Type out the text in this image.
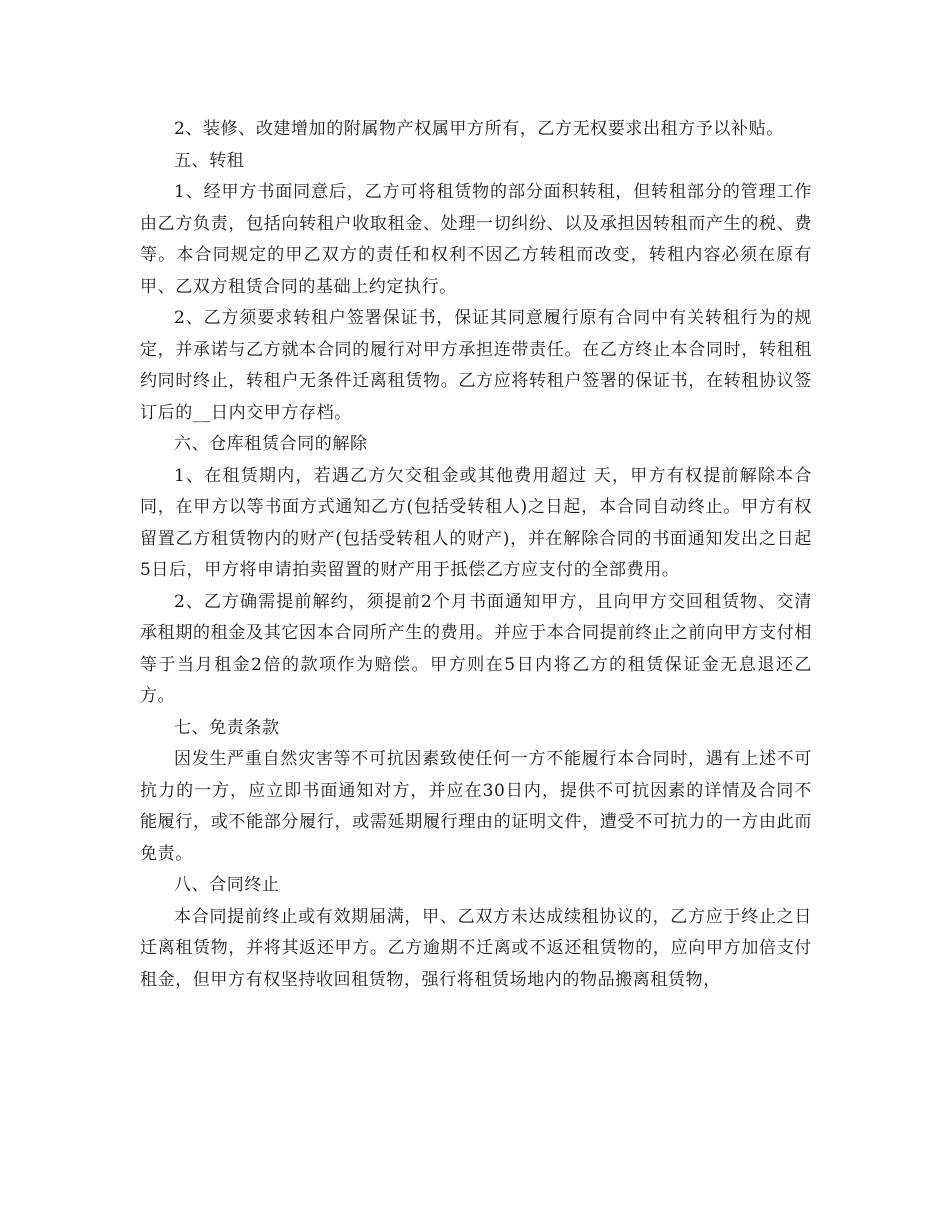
2、装修、改建增加的附属物产权属甲方所有，乙方无权要求出租方予以补贴。

五、转租

1、经甲方书面同意后，乙方可将租赁物的部分面积转租，但转租部分的管理工作由乙方负责，包括向转租户收取租金、处理一切纠纷、以及承担因转租而产生的税、费等。本合同规定的甲乙双方的责任和权利不因乙方转租而改变，转租内容必须在原有甲、乙双方租赁合同的基础上约定执行。

2、乙方须要求转租户签署保证书，保证其同意履行原有合同中有关转租行为的规定，并承诺与乙方就本合同的履行对甲方承担连带责任。在乙方终止本合同时，转租租约同时终止，转租户无条件迁离租赁物。乙方应将转租户签署的保证书，在转租协议签订后的__日内交甲方存档。

六、仓库租赁合同的解除

1、在租赁期内，若遇乙方欠交租金或其他费用超过 天，甲方有权提前解除本合同，在甲方以等书面方式通知乙方(包括受转租人)之日起，本合同自动终止。甲方有权留置乙方租赁物内的财产(包括受转租人的财产)，并在解除合同的书面通知发出之日起5日后，甲方将申请拍卖留置的财产用于抵偿乙方应支付的全部费用。

2、乙方确需提前解约，须提前2个月书面通知甲方，且向甲方交回租赁物、交清承租期的租金及其它因本合同所产生的费用。并应于本合同提前终止之前向甲方支付相等于当月租金2倍的款项作为赔偿。甲方则在5日内将乙方的租赁保证金无息退还乙方。

七、免责条款

因发生严重自然灾害等不可抗因素致使任何一方不能履行本合同时，遇有上述不可抗力的一方，应立即书面通知对方，并应在30日内，提供不可抗因素的详情及合同不能履行，或不能部分履行，或需延期履行理由的证明文件，遭受不可抗力的一方由此而免责。

八、合同终止

本合同提前终止或有效期届满，甲、乙双方未达成续租协议的，乙方应于终止之日迁离租赁物，并将其返还甲方。乙方逾期不迁离或不返还租赁物的，应向甲方加倍支付租金，但甲方有权坚持收回租赁物，强行将租赁场地内的物品搬离租赁物，
